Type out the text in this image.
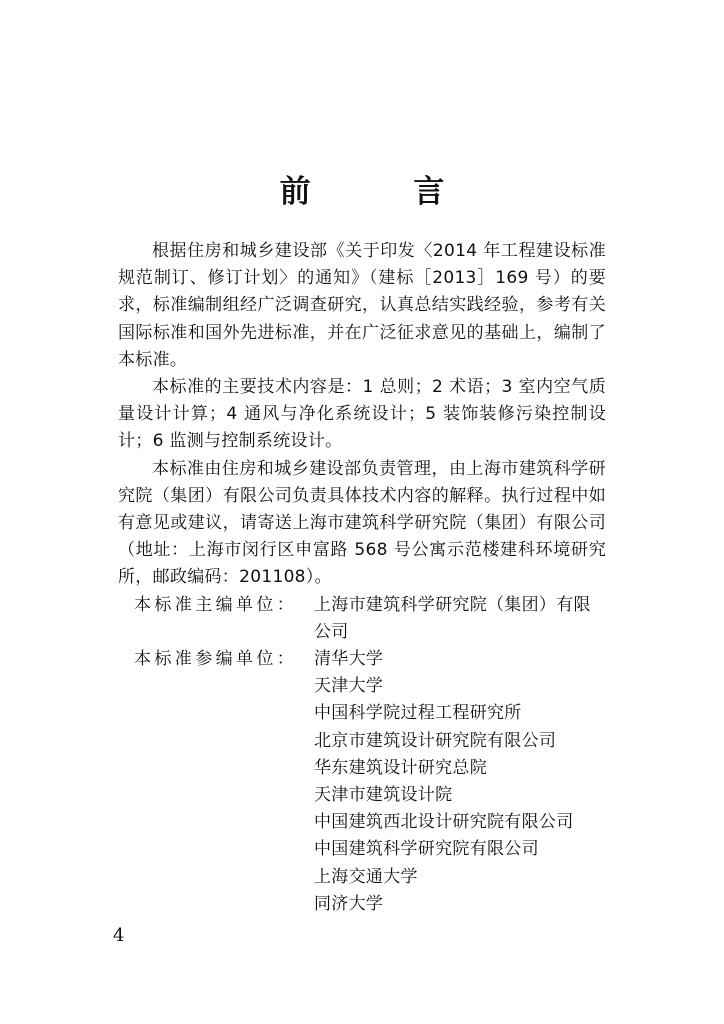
前 言

根据住房和城乡建设部《关于印发〈2014 年工程建设标准规范制订、修订计划〉的通知》（建标［2013］169 号）的要求，标准编制组经广泛调查研究，认真总结实践经验，参考有关国际标准和国外先进标准，并在广泛征求意见的基础上，编制了本标准。

本标准的主要技术内容是：1 总则；2 术语；3 室内空气质量设计计算；4 通风与净化系统设计；5 装饰装修污染控制设计；6 监测与控制系统设计。

本标准由住房和城乡建设部负责管理，由上海市建筑科学研究院（集团）有限公司负责具体技术内容的解释。执行过程中如有意见或建议，请寄送上海市建筑科学研究院（集团）有限公司（地址：上海市闵行区申富路 568 号公寓示范楼建科环境研究所，邮政编码：201108）。

本标准主编单位： 上海市建筑科学研究院（集团）有限公司
本标准参编单位： 清华大学
天津大学
中国科学院过程工程研究所
北京市建筑设计研究院有限公司
华东建筑设计研究总院
天津市建筑设计院
中国建筑西北设计研究院有限公司
中国建筑科学研究院有限公司
上海交通大学
同济大学
4
